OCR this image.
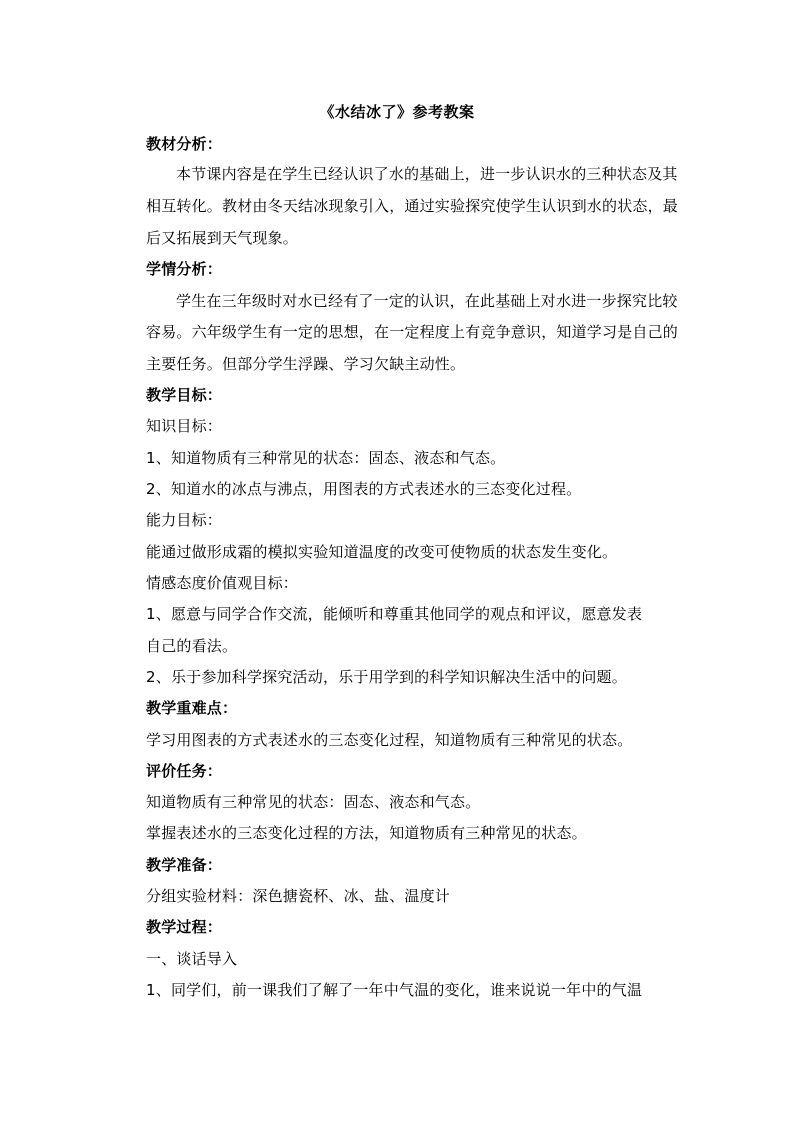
《水结冰了》参考教案
教材分析：
本节课内容是在学生已经认识了水的基础上，进一步认识水的三种状态及其
相互转化。教材由冬天结冰现象引入，通过实验探究使学生认识到水的状态，最
后又拓展到天气现象。
学情分析：
学生在三年级时对水已经有了一定的认识，在此基础上对水进一步探究比较
容易。六年级学生有一定的思想，在一定程度上有竞争意识，知道学习是自己的
主要任务。但部分学生浮躁、学习欠缺主动性。
教学目标：
知识目标：
1、知道物质有三种常见的状态：固态、液态和气态。
2、知道水的冰点与沸点，用图表的方式表述水的三态变化过程。
能力目标：
能通过做形成霜的模拟实验知道温度的改变可使物质的状态发生变化。
情感态度价值观目标：
1、愿意与同学合作交流，能倾听和尊重其他同学的观点和评议，愿意发表
自己的看法。
2、乐于参加科学探究活动，乐于用学到的科学知识解决生活中的问题。
教学重难点：
学习用图表的方式表述水的三态变化过程，知道物质有三种常见的状态。
评价任务：
知道物质有三种常见的状态：固态、液态和气态。
掌握表述水的三态变化过程的方法，知道物质有三种常见的状态。
教学准备：
分组实验材料：深色搪瓷杯、冰、盐、温度计
教学过程：
一、谈话导入
1、同学们，前一课我们了解了一年中气温的变化，谁来说说一年中的气温
